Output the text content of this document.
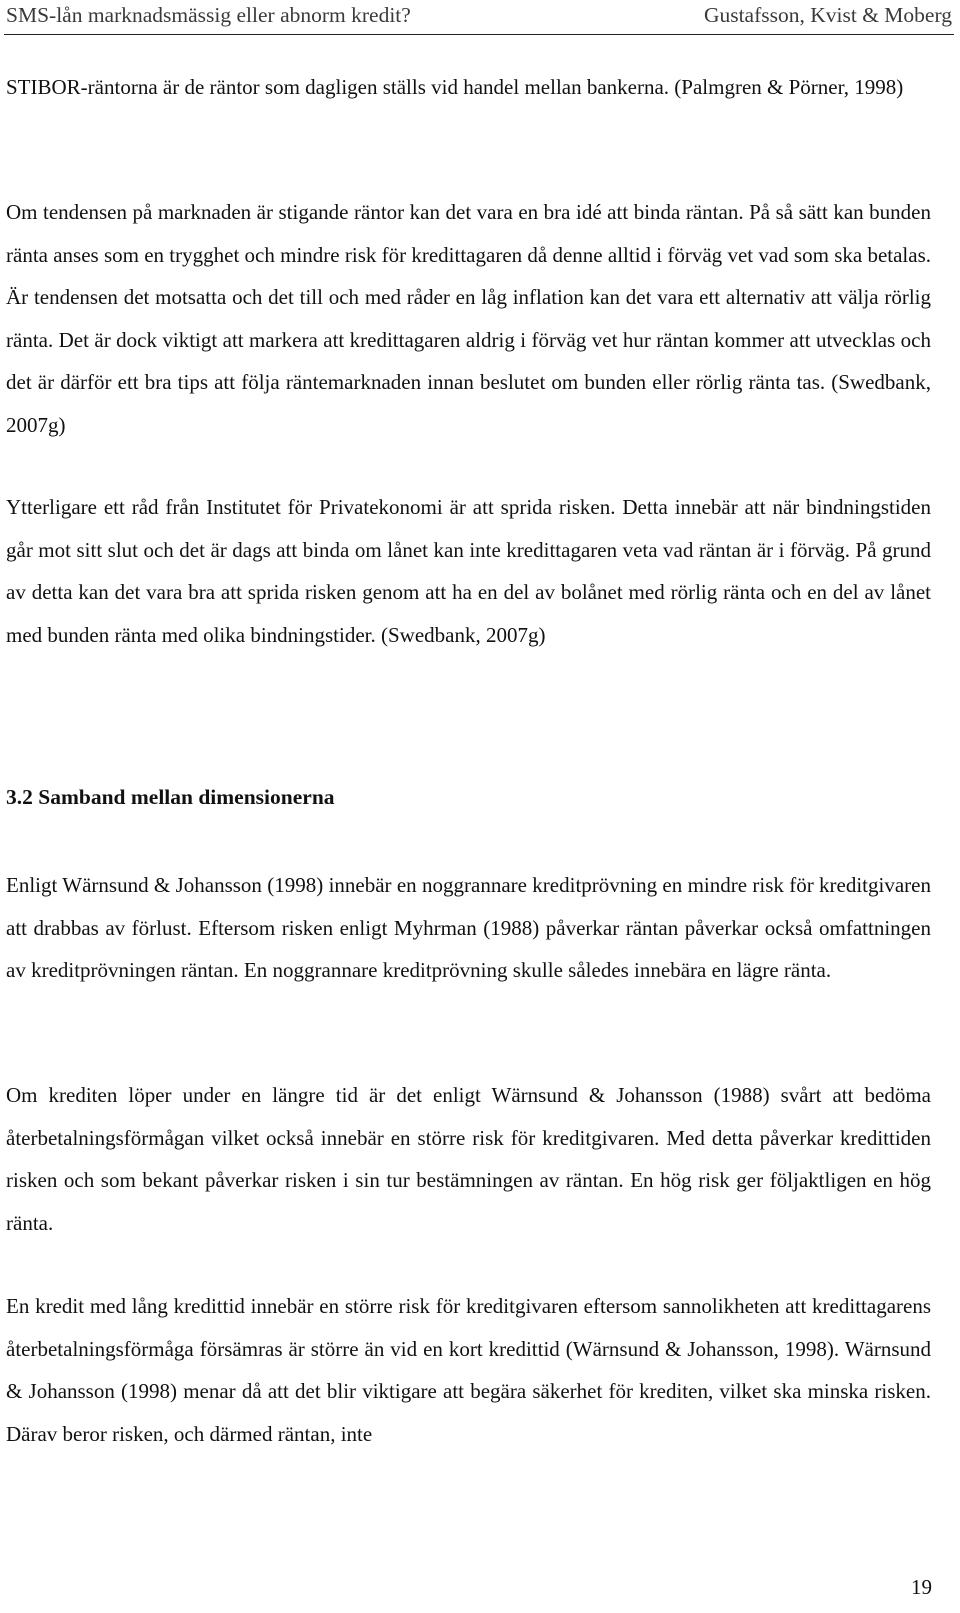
SMS-lån marknadsmässig eller abnorm kredit?	Gustafsson, Kvist & Moberg

STIBOR-räntorna är de räntor som dagligen ställs vid handel mellan bankerna. (Palmgren & Pörner, 1998)

Om tendensen på marknaden är stigande räntor kan det vara en bra idé att binda räntan. På så sätt kan bunden ränta anses som en trygghet och mindre risk för kredittagaren då denne alltid i förväg vet vad som ska betalas. Är tendensen det motsatta och det till och med råder en låg inflation kan det vara ett alternativ att välja rörlig ränta. Det är dock viktigt att markera att kredittagaren aldrig i förväg vet hur räntan kommer att utvecklas och det är därför ett bra tips att följa räntemarknaden innan beslutet om bunden eller rörlig ränta tas. (Swedbank, 2007g)

Ytterligare ett råd från Institutet för Privatekonomi är att sprida risken. Detta innebär att när bindningstiden går mot sitt slut och det är dags att binda om lånet kan inte kredittagaren veta vad räntan är i förväg. På grund av detta kan det vara bra att sprida risken genom att ha en del av bolånet med rörlig ränta och en del av lånet med bunden ränta med olika bindningstider. (Swedbank, 2007g)

3.2 Samband mellan dimensionerna

Enligt Wärnsund & Johansson (1998) innebär en noggrannare kreditprövning en mindre risk för kreditgivaren att drabbas av förlust. Eftersom risken enligt Myhrman (1988) påverkar räntan påverkar också omfattningen av kreditprövningen räntan. En noggrannare kreditprövning skulle således innebära en lägre ränta.

Om krediten löper under en längre tid är det enligt Wärnsund & Johansson (1988) svårt att bedöma återbetalningsförmågan vilket också innebär en större risk för kreditgivaren. Med detta påverkar kredittiden risken och som bekant påverkar risken i sin tur bestämningen av räntan. En hög risk ger följaktligen en hög ränta.

En kredit med lång kredittid innebär en större risk för kreditgivaren eftersom sannolikheten att kredittagarens återbetalningsförmåga försämras är större än vid en kort kredittid (Wärnsund & Johansson, 1998). Wärnsund & Johansson (1998) menar då att det blir viktigare att begära säkerhet för krediten, vilket ska minska risken. Därav beror risken, och därmed räntan, inte

19
